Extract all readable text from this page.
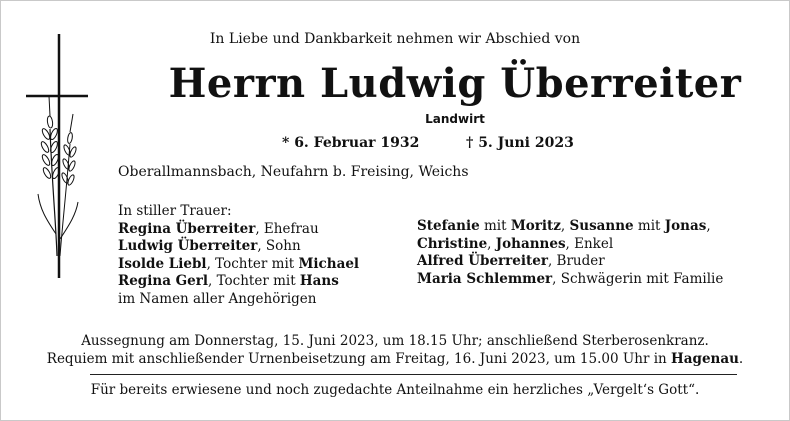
In Liebe und Dankbarkeit nehmen wir Abschied von
Herrn Ludwig Überreiter
Landwirt
* 6. Februar 1932	† 5. Juni 2023
Oberallmannsbach, Neufahrn b. Freising, Weichs
In stiller Trauer:
Regina Überreiter, Ehefrau
Ludwig Überreiter, Sohn
Isolde Liebl, Tochter mit Michael
Regina Gerl, Tochter mit Hans
im Namen aller Angehörigen
Stefanie mit Moritz, Susanne mit Jonas,
Christine, Johannes, Enkel
Alfred Überreiter, Bruder
Maria Schlemmer, Schwägerin mit Familie
Aussegnung am Donnerstag, 15. Juni 2023, um 18.15 Uhr; anschließend Sterberosenkranz.
Requiem mit anschließender Urnenbeisetzung am Freitag, 16. Juni 2023, um 15.00 Uhr in Hagenau.
Für bereits erwiesene und noch zugedachte Anteilnahme ein herzliches „Vergelt‘s Gott“.
